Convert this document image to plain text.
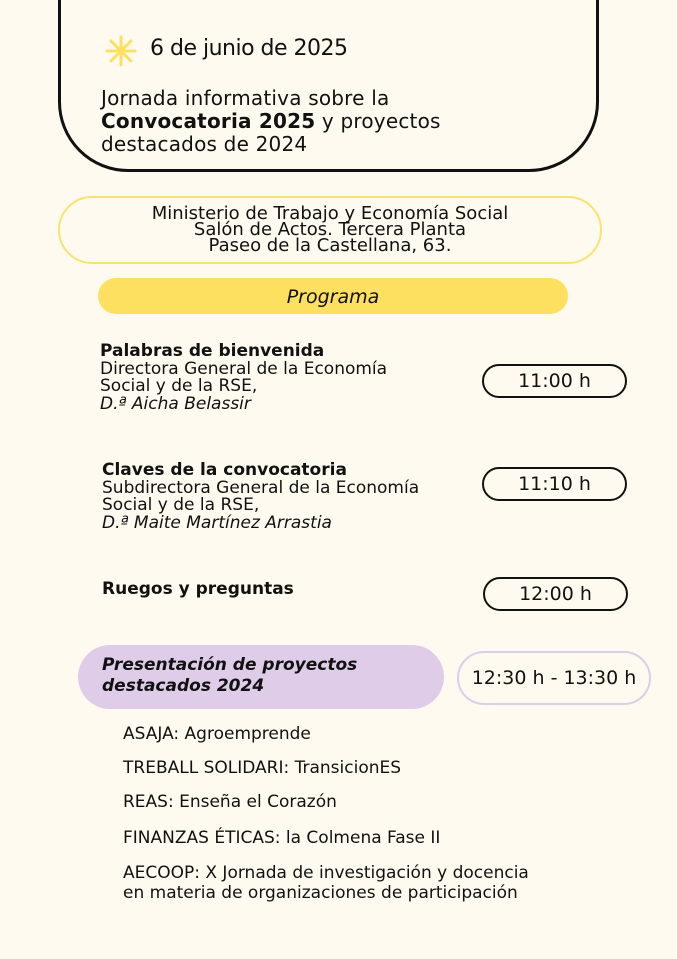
6 de junio de 2025
Jornada informativa sobre la
Convocatoria 2025 y proyectos
destacados de 2024
Ministerio de Trabajo y Economía Social
Salón de Actos. Tercera Planta
Paseo de la Castellana, 63.
Programa
Palabras de bienvenida
Directora General de la Economía
Social y de la RSE,
D.ª Aicha Belassir
11:00 h
Claves de la convocatoria
Subdirectora General de la Economía
Social y de la RSE,
D.ª Maite Martínez Arrastia
11:10 h
Ruegos y preguntas	12:00 h
Presentación de proyectos
destacados 2024	12:30 h - 13:30 h
ASAJA: Agroemprende
TREBALL SOLIDARI: TransicionES
REAS: Enseña el Corazón
FINANZAS ÉTICAS: la Colmena Fase II
AECOOP: X Jornada de investigación y docencia
en materia de organizaciones de participación
